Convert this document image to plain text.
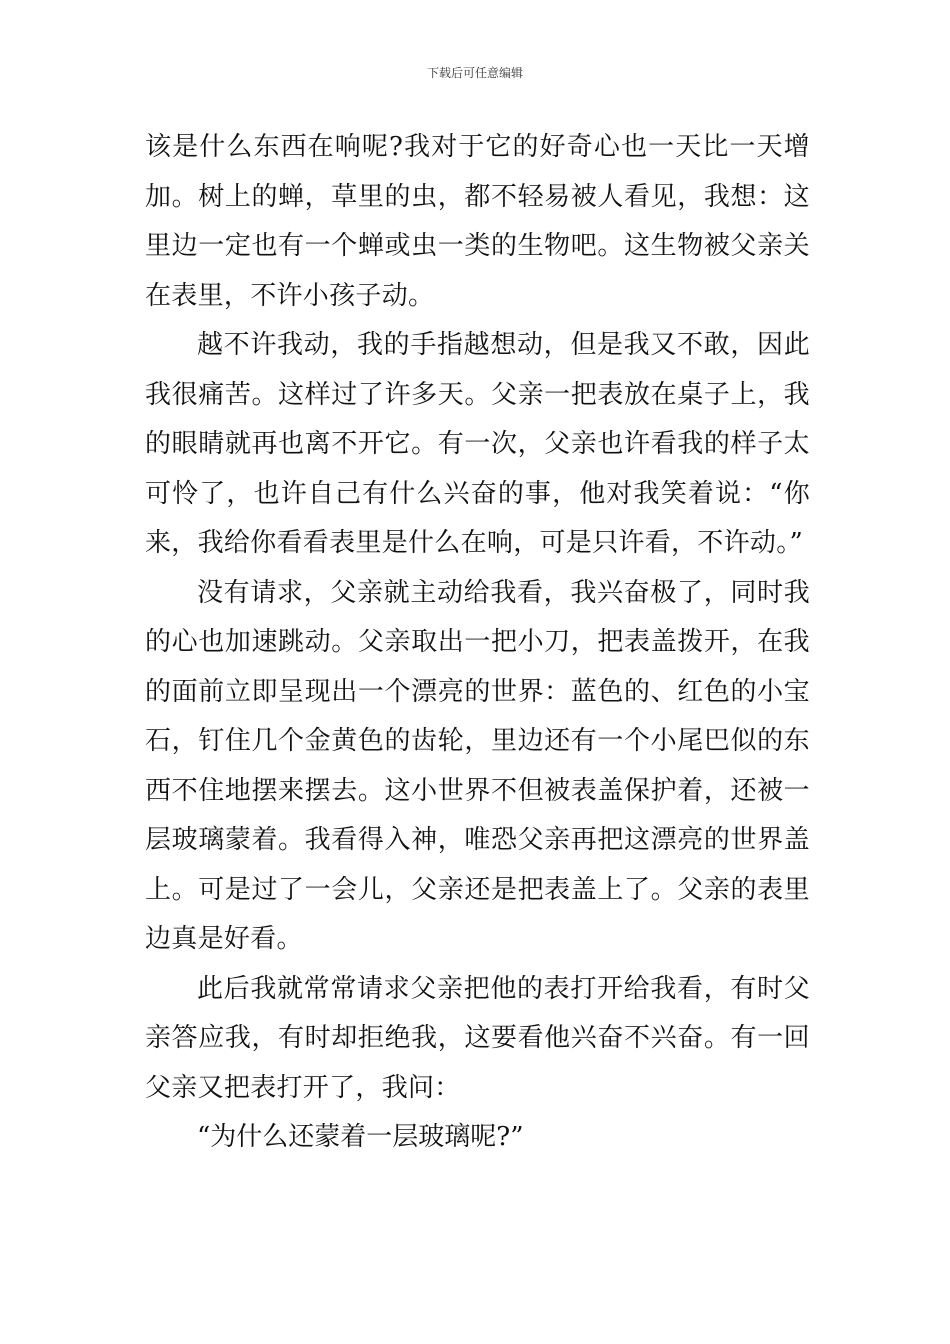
下载后可任意编辑

该是什么东西在响呢?我对于它的好奇心也一天比一天增加。树上的蝉，草里的虫，都不轻易被人看见，我想：这里边一定也有一个蝉或虫一类的生物吧。这生物被父亲关在表里，不许小孩子动。

越不许我动，我的手指越想动，但是我又不敢，因此我很痛苦。这样过了许多天。父亲一把表放在桌子上，我的眼睛就再也离不开它。有一次，父亲也许看我的样子太可怜了，也许自己有什么兴奋的事，他对我笑着说：“你来，我给你看看表里是什么在响，可是只许看，不许动。”

没有请求，父亲就主动给我看，我兴奋极了，同时我的心也加速跳动。父亲取出一把小刀，把表盖拨开，在我的面前立即呈现出一个漂亮的世界：蓝色的、红色的小宝石，钉住几个金黄色的齿轮，里边还有一个小尾巴似的东西不住地摆来摆去。这小世界不但被表盖保护着，还被一层玻璃蒙着。我看得入神，唯恐父亲再把这漂亮的世界盖上。可是过了一会儿，父亲还是把表盖上了。父亲的表里边真是好看。

此后我就常常请求父亲把他的表打开给我看，有时父亲答应我，有时却拒绝我，这要看他兴奋不兴奋。有一回父亲又把表打开了，我问：

“为什么还蒙着一层玻璃呢?”
